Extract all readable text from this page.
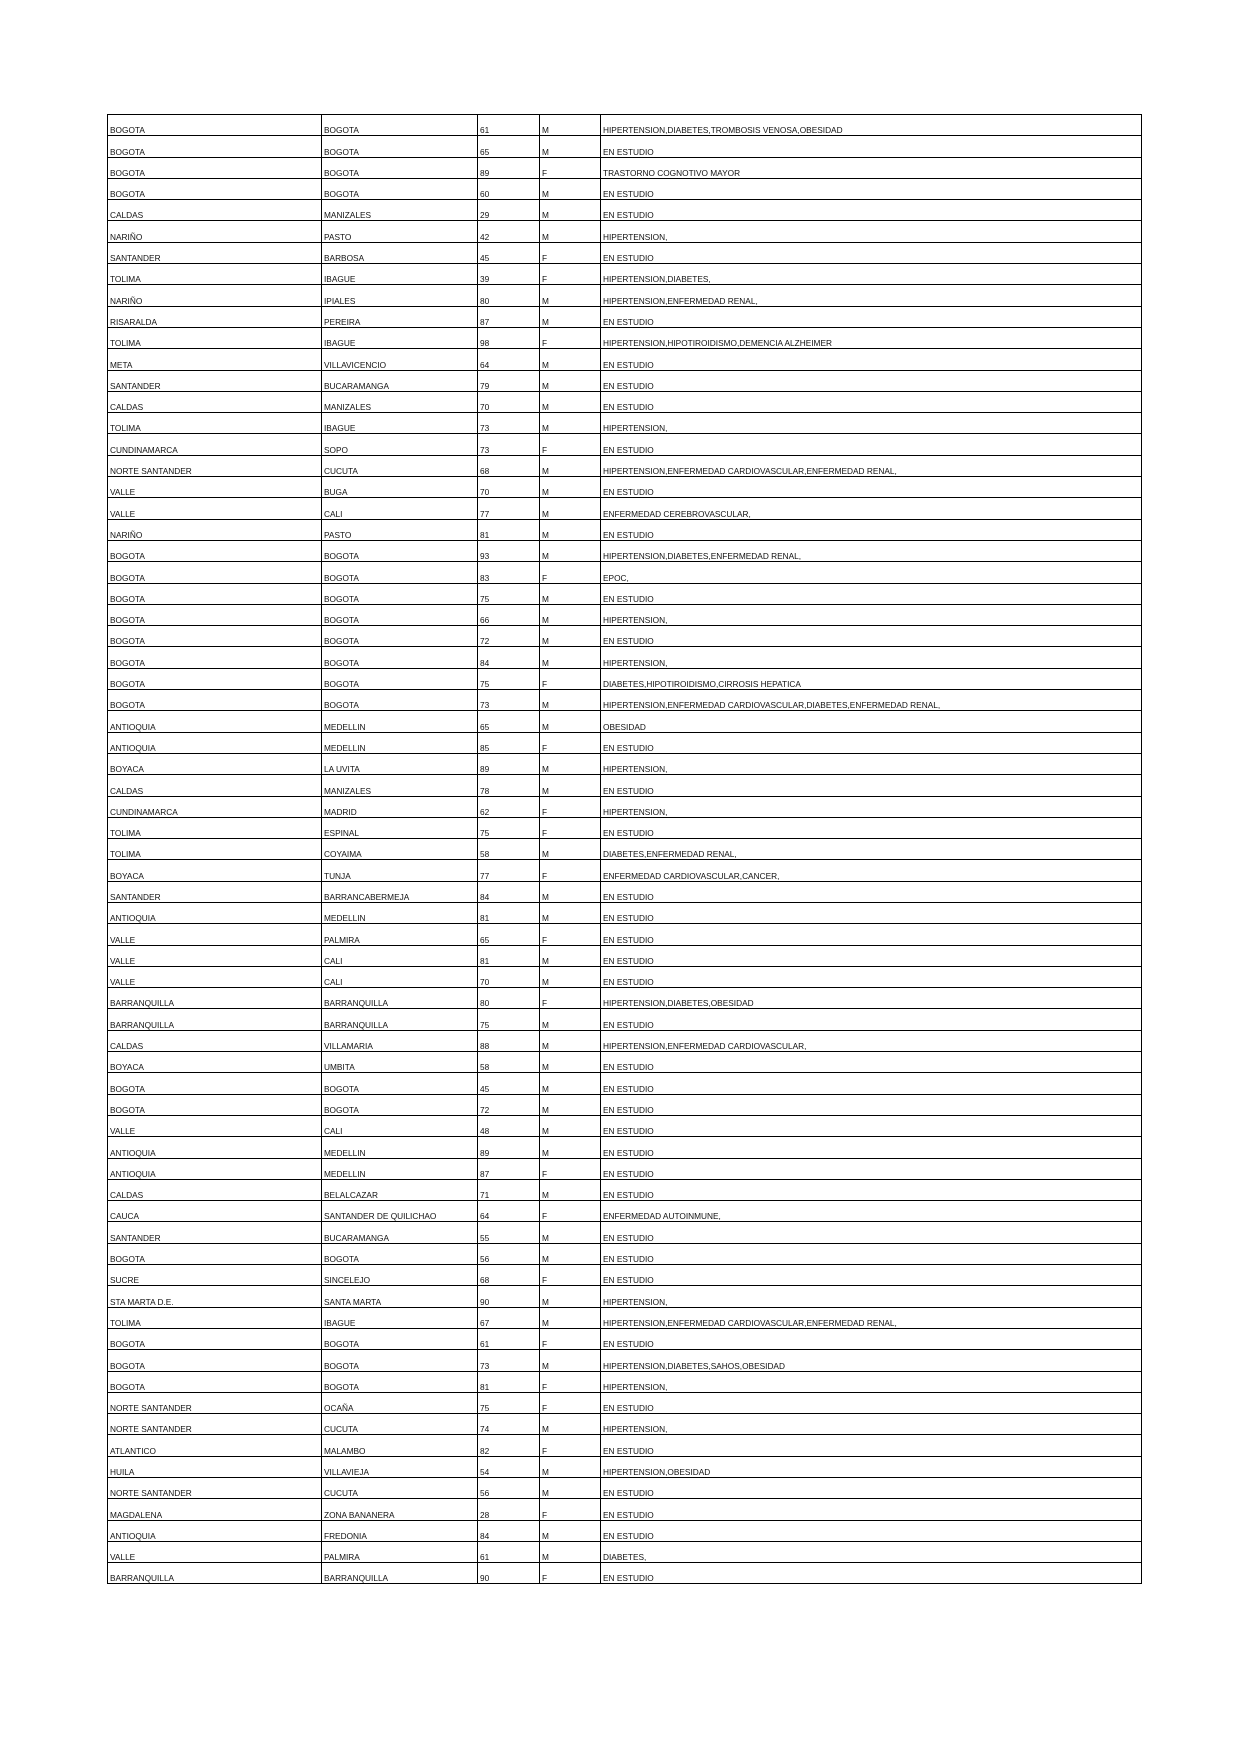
BOGOTA	BOGOTA	61	M	HIPERTENSION,DIABETES,TROMBOSIS VENOSA,OBESIDAD
BOGOTA	BOGOTA	65	M	EN ESTUDIO
BOGOTA	BOGOTA	89	F	TRASTORNO COGNOTIVO MAYOR
BOGOTA	BOGOTA	60	M	EN ESTUDIO
CALDAS	MANIZALES	29	M	EN ESTUDIO
NARIÑO	PASTO	42	M	HIPERTENSION,
SANTANDER	BARBOSA	45	F	EN ESTUDIO
TOLIMA	IBAGUE	39	F	HIPERTENSION,DIABETES,
NARIÑO	IPIALES	80	M	HIPERTENSION,ENFERMEDAD RENAL,
RISARALDA	PEREIRA	87	M	EN ESTUDIO
TOLIMA	IBAGUE	98	F	HIPERTENSION,HIPOTIROIDISMO,DEMENCIA ALZHEIMER
META	VILLAVICENCIO	64	M	EN ESTUDIO
SANTANDER	BUCARAMANGA	79	M	EN ESTUDIO
CALDAS	MANIZALES	70	M	EN ESTUDIO
TOLIMA	IBAGUE	73	M	HIPERTENSION,
CUNDINAMARCA	SOPO	73	F	EN ESTUDIO
NORTE SANTANDER	CUCUTA	68	M	HIPERTENSION,ENFERMEDAD CARDIOVASCULAR,ENFERMEDAD RENAL,
VALLE	BUGA	70	M	EN ESTUDIO
VALLE	CALI	77	M	ENFERMEDAD CEREBROVASCULAR,
NARIÑO	PASTO	81	M	EN ESTUDIO
BOGOTA	BOGOTA	93	M	HIPERTENSION,DIABETES,ENFERMEDAD RENAL,
BOGOTA	BOGOTA	83	F	EPOC,
BOGOTA	BOGOTA	75	M	EN ESTUDIO
BOGOTA	BOGOTA	66	M	HIPERTENSION,
BOGOTA	BOGOTA	72	M	EN ESTUDIO
BOGOTA	BOGOTA	84	M	HIPERTENSION,
BOGOTA	BOGOTA	75	F	DIABETES,HIPOTIROIDISMO,CIRROSIS HEPATICA
BOGOTA	BOGOTA	73	M	HIPERTENSION,ENFERMEDAD CARDIOVASCULAR,DIABETES,ENFERMEDAD RENAL,
ANTIOQUIA	MEDELLIN	65	M	OBESIDAD
ANTIOQUIA	MEDELLIN	85	F	EN ESTUDIO
BOYACA	LA UVITA	89	M	HIPERTENSION,
CALDAS	MANIZALES	78	M	EN ESTUDIO
CUNDINAMARCA	MADRID	62	F	HIPERTENSION,
TOLIMA	ESPINAL	75	F	EN ESTUDIO
TOLIMA	COYAIMA	58	M	DIABETES,ENFERMEDAD RENAL,
BOYACA	TUNJA	77	F	ENFERMEDAD CARDIOVASCULAR,CANCER,
SANTANDER	BARRANCABERMEJA	84	M	EN ESTUDIO
ANTIOQUIA	MEDELLIN	81	M	EN ESTUDIO
VALLE	PALMIRA	65	F	EN ESTUDIO
VALLE	CALI	81	M	EN ESTUDIO
VALLE	CALI	70	M	EN ESTUDIO
BARRANQUILLA	BARRANQUILLA	80	F	HIPERTENSION,DIABETES,OBESIDAD
BARRANQUILLA	BARRANQUILLA	75	M	EN ESTUDIO
CALDAS	VILLAMARIA	88	M	HIPERTENSION,ENFERMEDAD CARDIOVASCULAR,
BOYACA	UMBITA	58	M	EN ESTUDIO
BOGOTA	BOGOTA	45	M	EN ESTUDIO
BOGOTA	BOGOTA	72	M	EN ESTUDIO
VALLE	CALI	48	M	EN ESTUDIO
ANTIOQUIA	MEDELLIN	89	M	EN ESTUDIO
ANTIOQUIA	MEDELLIN	87	F	EN ESTUDIO
CALDAS	BELALCAZAR	71	M	EN ESTUDIO
CAUCA	SANTANDER DE QUILICHAO	64	F	ENFERMEDAD AUTOINMUNE,
SANTANDER	BUCARAMANGA	55	M	EN ESTUDIO
BOGOTA	BOGOTA	56	M	EN ESTUDIO
SUCRE	SINCELEJO	68	F	EN ESTUDIO
STA MARTA D.E.	SANTA MARTA	90	M	HIPERTENSION,
TOLIMA	IBAGUE	67	M	HIPERTENSION,ENFERMEDAD CARDIOVASCULAR,ENFERMEDAD RENAL,
BOGOTA	BOGOTA	61	F	EN ESTUDIO
BOGOTA	BOGOTA	73	M	HIPERTENSION,DIABETES,SAHOS,OBESIDAD
BOGOTA	BOGOTA	81	F	HIPERTENSION,
NORTE SANTANDER	OCAÑA	75	F	EN ESTUDIO
NORTE SANTANDER	CUCUTA	74	M	HIPERTENSION,
ATLANTICO	MALAMBO	82	F	EN ESTUDIO
HUILA	VILLAVIEJA	54	M	HIPERTENSION,OBESIDAD
NORTE SANTANDER	CUCUTA	56	M	EN ESTUDIO
MAGDALENA	ZONA BANANERA	28	F	EN ESTUDIO
ANTIOQUIA	FREDONIA	84	M	EN ESTUDIO
VALLE	PALMIRA	61	M	DIABETES,
BARRANQUILLA	BARRANQUILLA	90	F	EN ESTUDIO
